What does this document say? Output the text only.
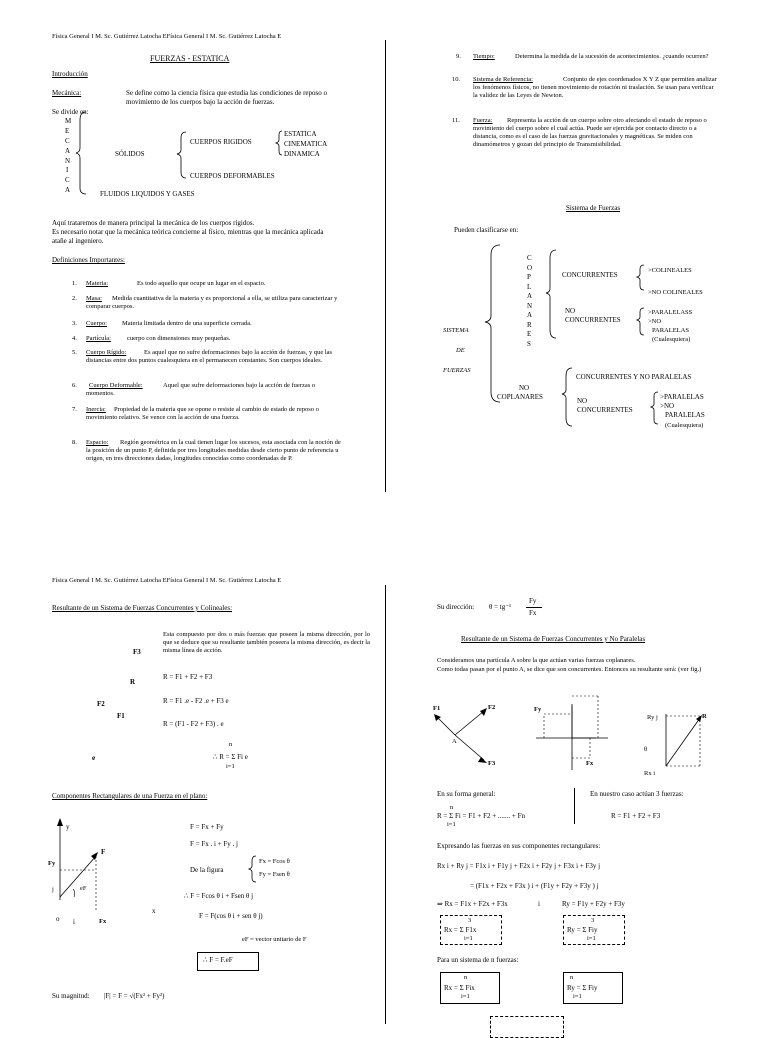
Física General I M. Sc. Gutiérrez Latocha EFísica General I M. Sc. Gutiérrez Latocha E
FUERZAS - ESTATICA
Introducción
Mecánica:	Se define como la ciencia física que estudia las condiciones de reposo o movimiento de los cuerpos bajo la acción de fuerzas.
Se divide en:
M
E
C
A
N
I
C
A
SÓLIDOS
CUERPOS RIGIDOS
ESTATICA
CINEMATICA
DINAMICA
CUERPOS DEFORMABLES
FLUIDOS LIQUIDOS Y GASES
Aquí trataremos de manera principal la mecánica de los cuerpos rígidos.
Es necesario notar que la mecánica teórica concierne al físico, mientras que la mecánica aplicada atañe al ingeniero.
Definiciones Importantes:
1. Materia:	Es todo aquello que ocupe un lugar en el espacio.
2. Masa:	Medida cuantitativa de la materia y es proporcional a ella, se utiliza para caracterizar y comparar cuerpos.
3. Cuerpo: Materia limitada dentro de una superficie cerrada.
4. Partícula: cuerpo con dimensiones muy pequeñas.
5. Cuerpo Rígido:	Es aquel que no sufre deformaciones bajo la acción de fuerzas, y que las distancias entre dos puntos cualesquiera en el permanecen constantes. Son cuerpos ideales.
6. Cuerpo Deformable:	Aquel que sufre deformaciones bajo la acción de fuerzas o momentos.
7. Inercia:	Propiedad de la materia que se opone o resiste al cambio de estado de reposo o movimiento relativo. Se vence con la acción de una fuerza.
8. Espacio:	Región geométrica en la cual tienen lugar los sucesos, esta asociada con la noción de la posición de un punto P, definida por tres longitudes medidas desde cierto punto de referencia u origen, en tres direcciones dadas, longitudes conocidas como coordenadas de P.
9. Tiempo:	Determina la medida de la sucesión de acontecimientos. ¿cuando ocurren?
10. Sistema de Referencia:	Conjunto de ejes coordenados X Y Z que permiten analizar los fenómenos físicos, no tienen movimiento de rotación ni traslación. Se usan para verificar la validez de las Leyes de Newton.
11. Fuerza:	Representa la acción de un cuerpo sobre otro afectando el estado de reposo o movimiento del cuerpo sobre el cual actúa. Puede ser ejercida por contacto directo o a distancia, como es el caso de las fuerzas gravitacionales y magnéticas. Se miden con dinamómetros y gozan del principio de Transmisibilidad.
Sistema de Fuerzas
Pueden clasificarse en:
SISTEMA
DE
FUERZAS
C
O
P
L
A
N
A
R
E
S
CONCURRENTES
>COLINEALES
>NO COLINEALES
NO
CONCURRENTES
>PARALELASS
>NO
PARALELAS
(Cualesquiera)
NO
COPLANARES
CONCURRENTES Y NO PARALELAS
NO
CONCURRENTES
>PARALELAS
>NO
PARALELAS
(Cualesquiera)
Física General I M. Sc. Gutiérrez Latocha EFísica General I M. Sc. Gutiérrez Latocha E
Resultante de un Sistema de Fuerzas Concurrentes y Colineales:
Esta compuesto por dos o más fuerzas que poseen la misma dirección, por lo que se deduce que su resultante también poseera la misma dirección, es decir la misma línea de acción.
F3
R
F2
F1
e
R = F1 + F2 + F3
R = F1 .e - F2 .e + F3 e
R = (F1 - F2 + F3) . e
n
∴ R = Σ Fi e
i=1
Componentes Rectangulares de una Fuerza en el plano:
y
F
Fy
j	eF
o i	Fx
x
F = Fx + Fy
F = Fx . i + Fy . j
De la figura
Fx = Fcos θ
Fy = Fsen θ
∴ F = Fcos θ i + Fsen θ j
F = F(cos θ i + sen θ j)
eF = vector unitario de F
∴ F = F.eF
Su magnitud: |F| = F = √(Fx² + Fy²)
Su dirección: θ = tg⁻¹
Fy
Fx
Resultante de un Sistema de Fuerzas Concurrentes y No Paralelas
Consideramos una partícula A sobre la que actúan varias fuerzas coplanares.
Como todas pasan por el punto A, se dice que son concurrentes. Entonces su resultante será: (ver fig.)
F1	F2
F3
A
Fy
Fx
Ry j	R
θ
Rx i
En su forma general:	En nuestro caso actúan 3 fuerzas:
n
R = Σ Fi = F1 + F2 + ....... + Fn
i=1
R = F1 + F2 + F3
Expresando las fuerzas en sus componentes rectangulares:
Rx i + Ry j = F1x i + F1y j + F2x i + F2y j + F3x i + F3y j
= (F1x + F2x + F3x ) i + (F1y + F2y + F3y ) j
⇒ Rx = F1x + F2x + F3x	i	Ry = F1y + F2y + F3y
3
Rx = Σ F1x
i=1
3
Ry = Σ Fiy
i=1
Para un sistema de n fuerzas:
n
Rx = Σ Fix
i=1
n
Ry = Σ Fiy
i=1
